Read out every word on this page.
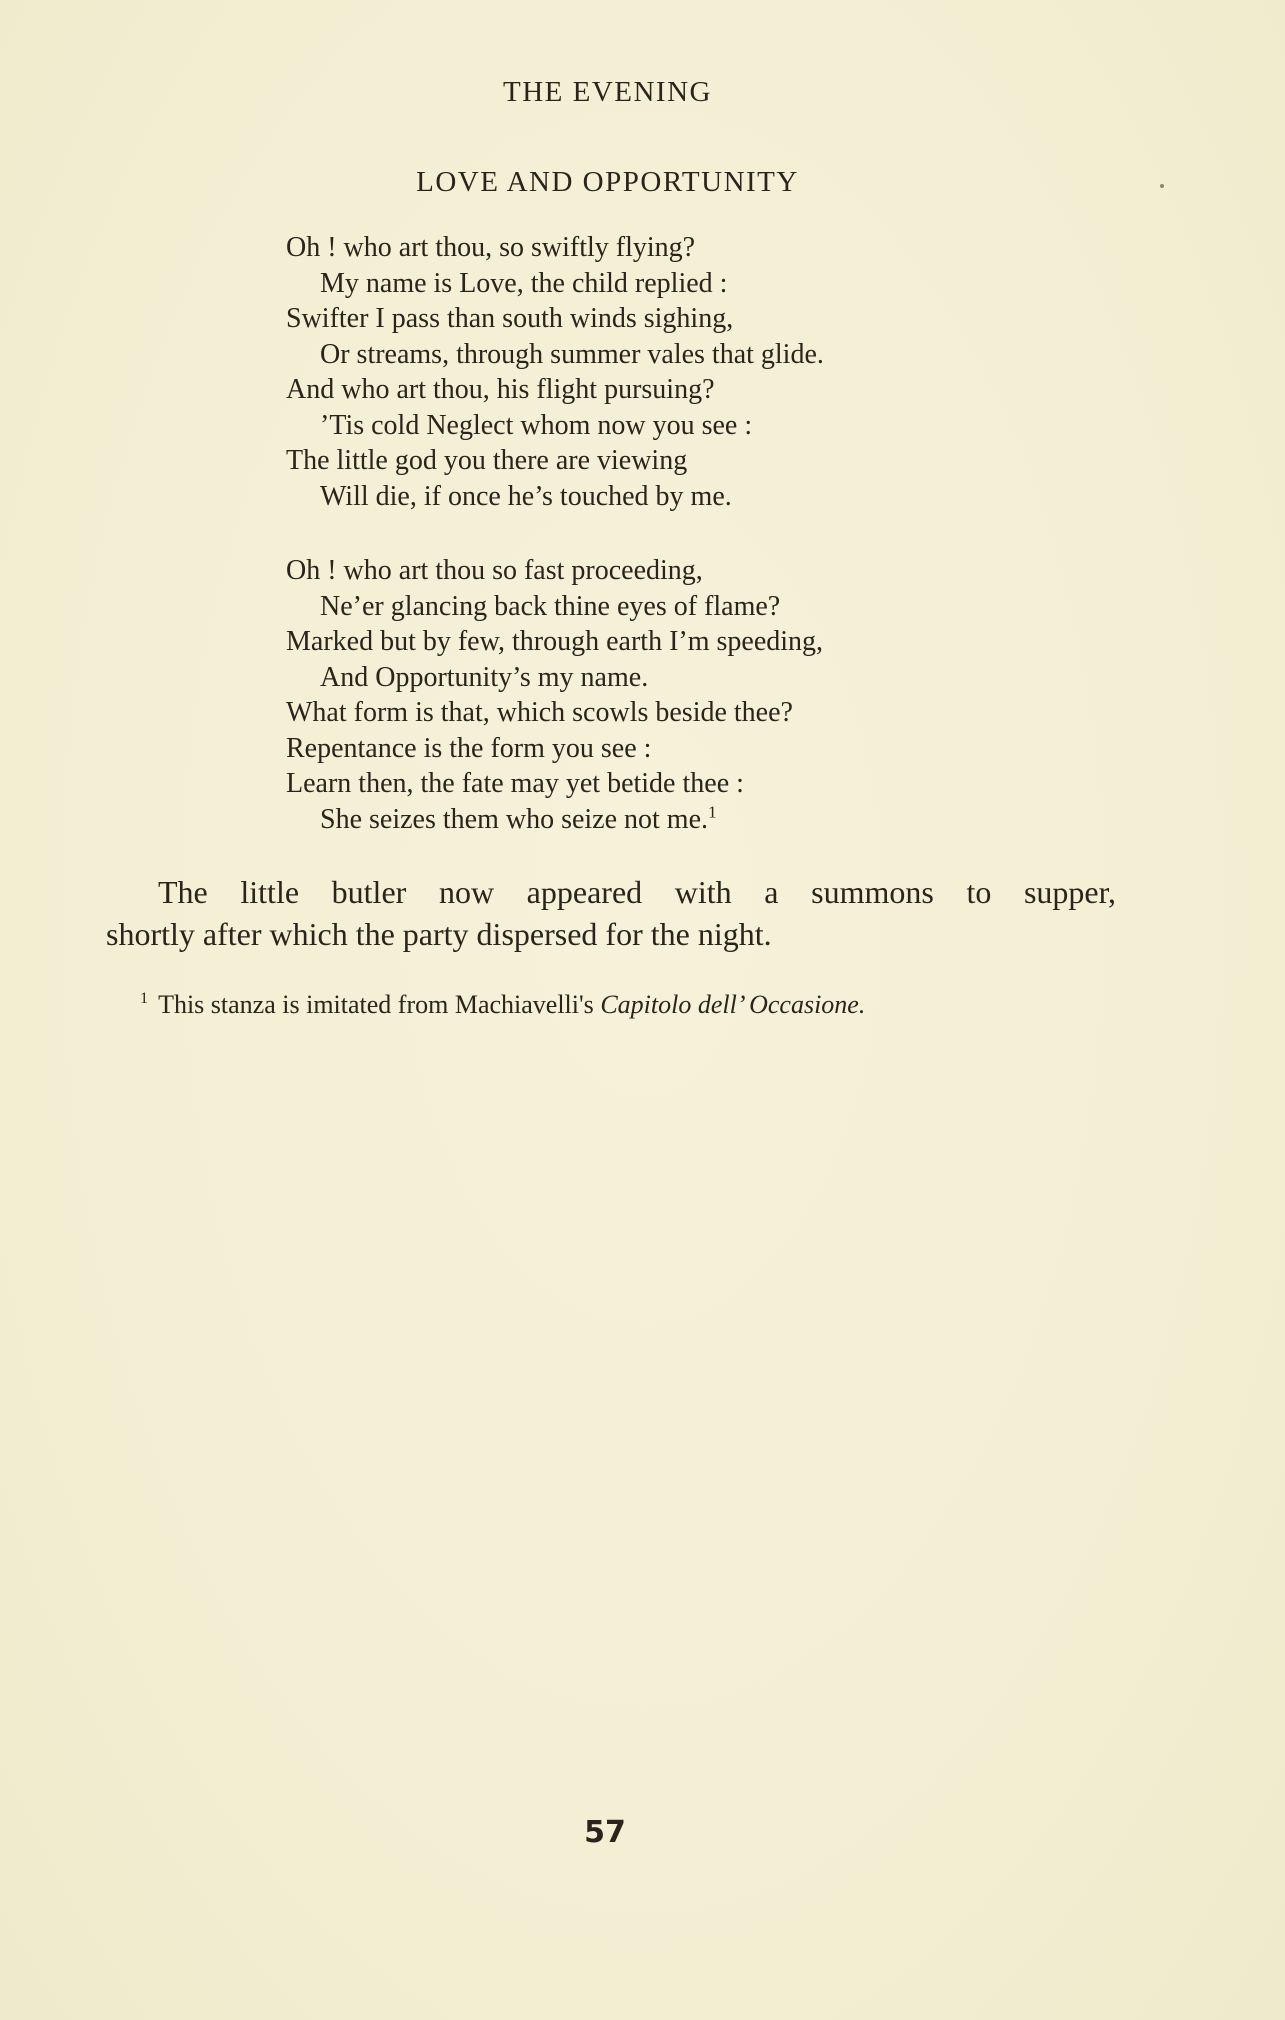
THE EVENING
LOVE AND OPPORTUNITY
Oh ! who art thou, so swiftly flying?
My name is Love, the child replied :
Swifter I pass than south winds sighing,
Or streams, through summer vales that glide.
And who art thou, his flight pursuing?
’Tis cold Neglect whom now you see :
The little god you there are viewing
Will die, if once he’s touched by me.
Oh ! who art thou so fast proceeding,
Ne’er glancing back thine eyes of flame?
Marked but by few, through earth I’m speeding,
And Opportunity’s my name.
What form is that, which scowls beside thee?
Repentance is the form you see :
Learn then, the fate may yet betide thee :
She seizes them who seize not me.$^1$
The little butler now appeared with a summons to supper,
shortly after which the party dispersed for the night.
$^1$ This stanza is imitated from Machiavelli's Capitolo dell’ Occasione.
57
